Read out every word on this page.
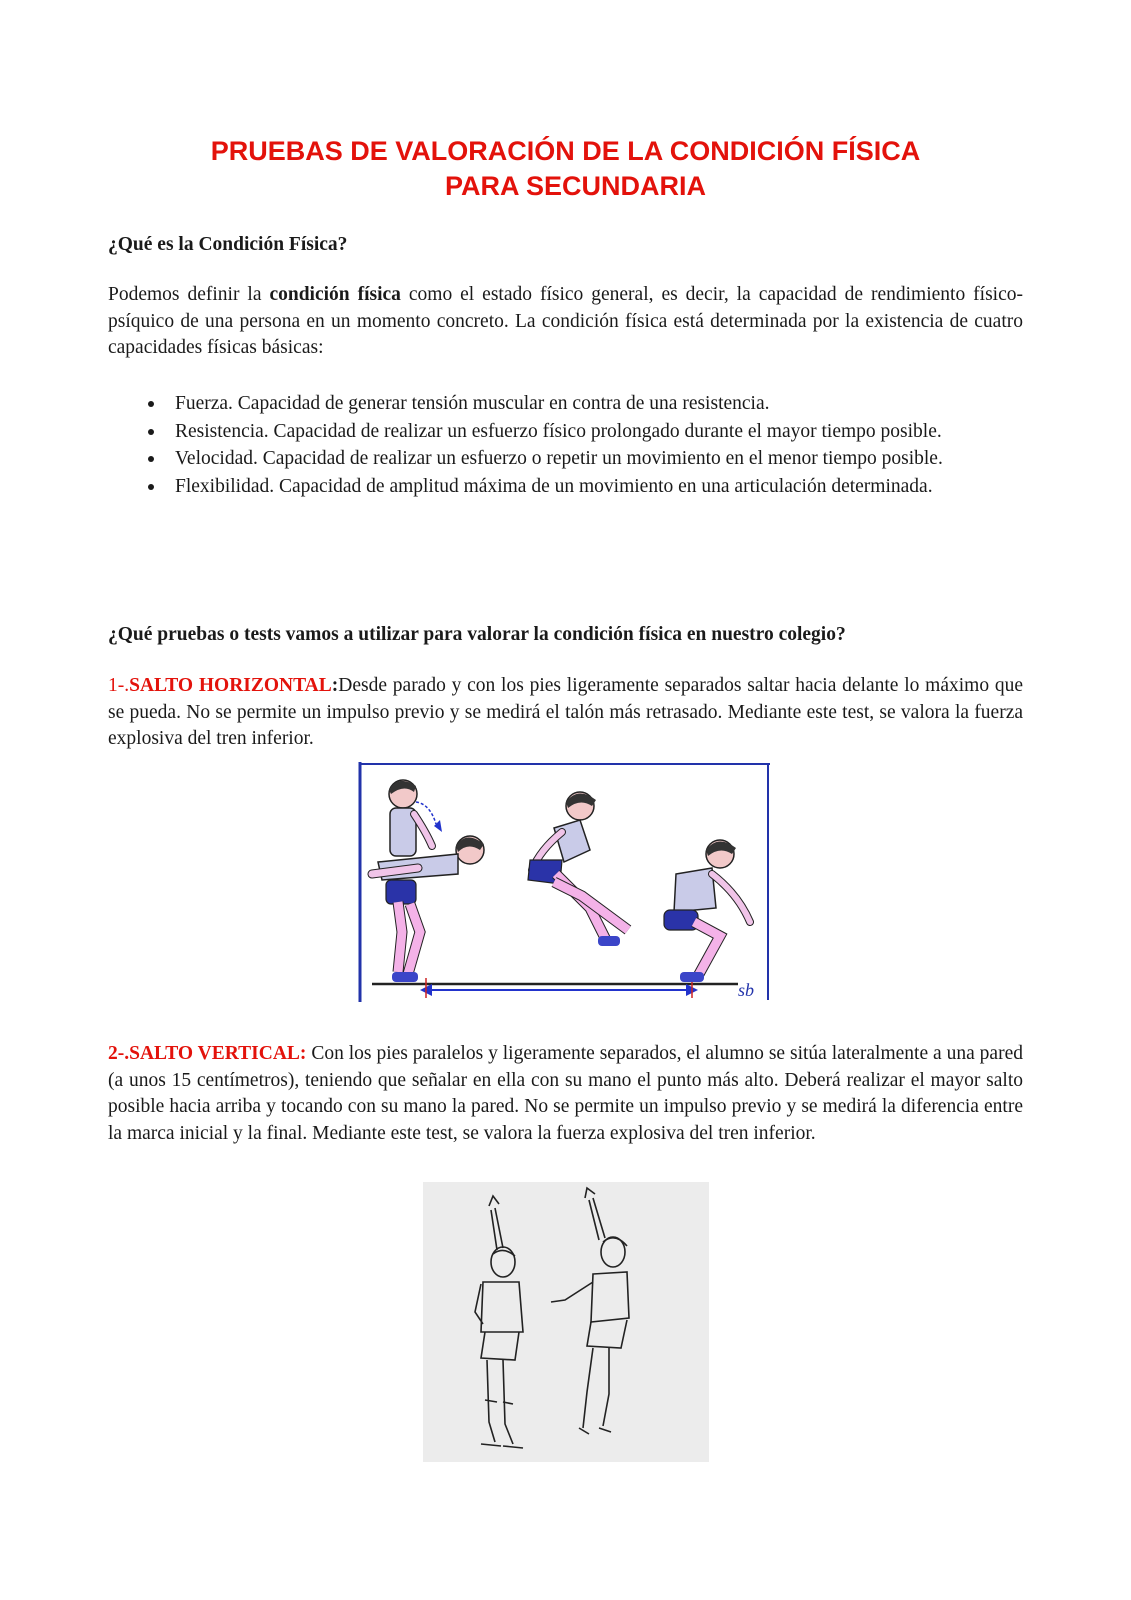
PRUEBAS DE VALORACIÓN DE LA CONDICIÓN FÍSICA
PARA SECUNDARIA

¿Qué es la Condición Física?

Podemos definir la condición física como el estado físico general, es decir, la capacidad de rendimiento físico-psíquico de una persona en un momento concreto. La condición física está determinada por la existencia de cuatro capacidades físicas básicas:

Fuerza. Capacidad de generar tensión muscular en contra de una resistencia.
Resistencia. Capacidad de realizar un esfuerzo físico prolongado durante el mayor tiempo posible.
Velocidad. Capacidad de realizar un esfuerzo o repetir un movimiento en el menor tiempo posible.
Flexibilidad. Capacidad de amplitud máxima de un movimiento en una articulación determinada.

¿Qué pruebas o tests vamos a utilizar para valorar la condición física en nuestro colegio?

1-.SALTO HORIZONTAL:Desde parado y con los pies ligeramente separados saltar hacia delante lo máximo que se pueda. No se permite un impulso previo y se medirá el talón más retrasado. Mediante este test, se valora la fuerza explosiva del tren inferior.

sb

2-.SALTO VERTICAL: Con los pies paralelos y ligeramente separados, el alumno se sitúa lateralmente a una pared (a unos 15 centímetros), teniendo que señalar en ella con su mano el punto más alto. Deberá realizar el mayor salto posible hacia arriba y tocando con su mano la pared. No se permite un impulso previo y se medirá la diferencia entre la marca inicial y la final. Mediante este test, se valora la fuerza explosiva del tren inferior.
